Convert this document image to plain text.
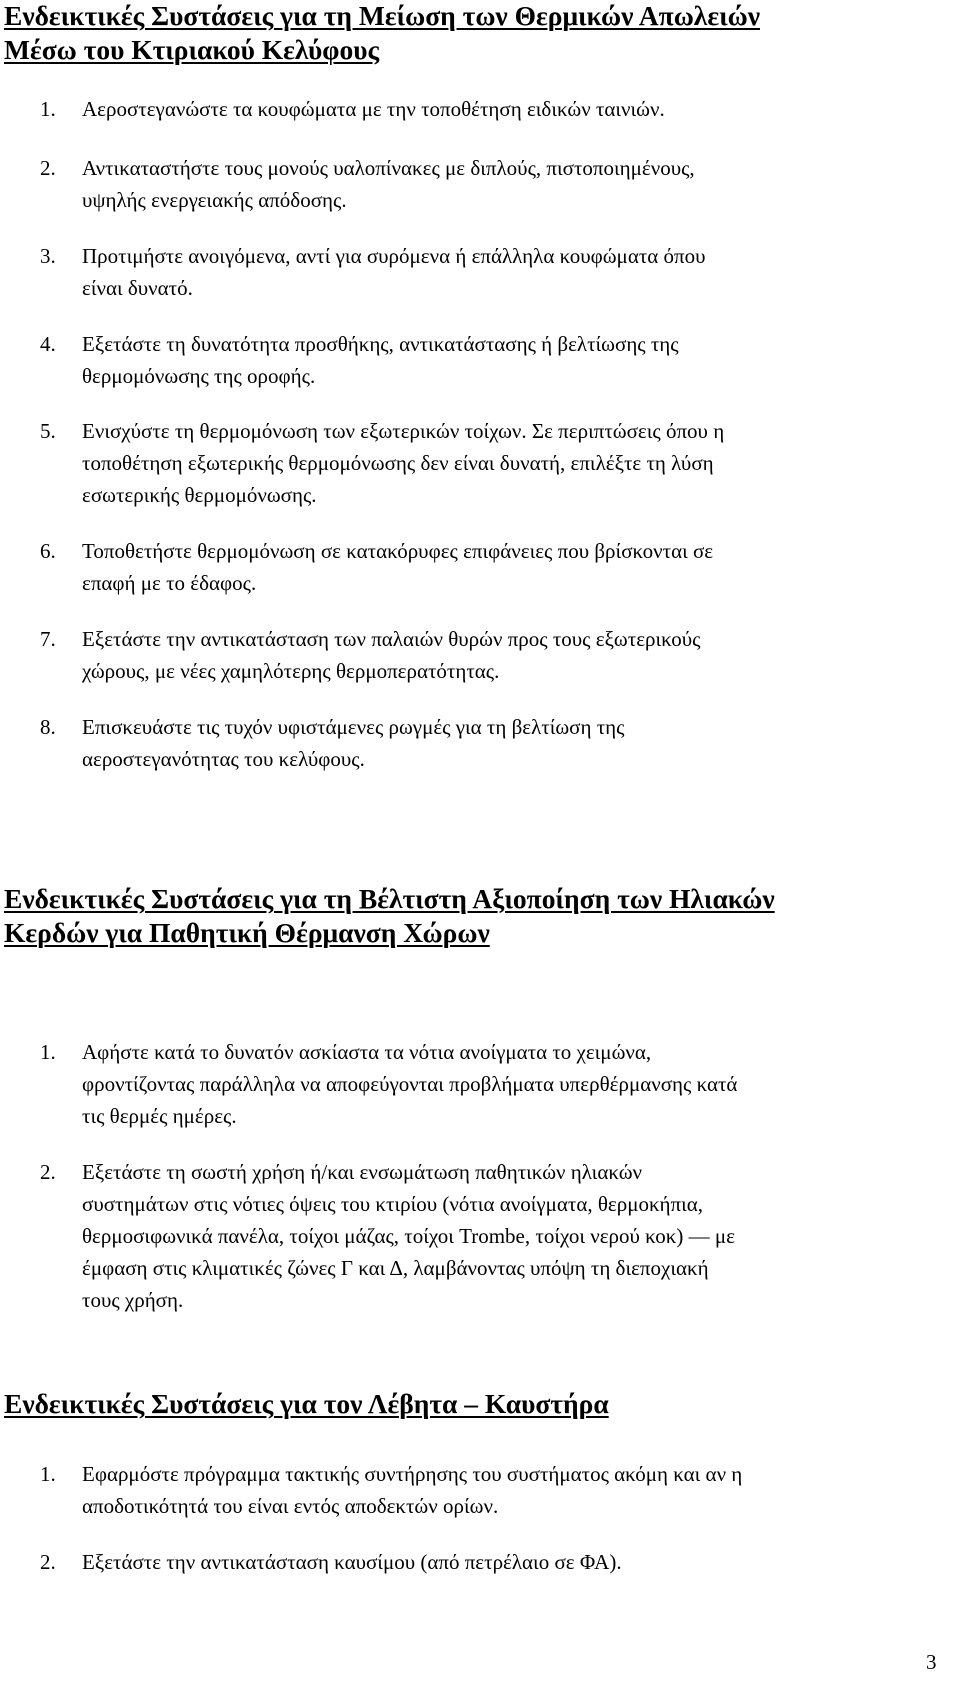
Ενδεικτικές Συστάσεις για τη Μείωση των Θερμικών Απωλειών
Μέσω του Κτιριακού Κελύφους
1. Αεροστεγανώστε τα κουφώματα με την τοποθέτηση ειδικών ταινιών.
2. Αντικαταστήστε τους μονούς υαλοπίνακες με διπλούς, πιστοποιημένους,
υψηλής ενεργειακής απόδοσης.
3. Προτιμήστε ανοιγόμενα, αντί για συρόμενα ή επάλληλα κουφώματα όπου
είναι δυνατό.
4. Εξετάστε τη δυνατότητα προσθήκης, αντικατάστασης ή βελτίωσης της
θερμομόνωσης της οροφής.
5. Ενισχύστε τη θερμομόνωση των εξωτερικών τοίχων. Σε περιπτώσεις όπου η
τοποθέτηση εξωτερικής θερμομόνωσης δεν είναι δυνατή, επιλέξτε τη λύση
εσωτερικής θερμομόνωσης.
6. Τοποθετήστε θερμομόνωση σε κατακόρυφες επιφάνειες που βρίσκονται σε
επαφή με το έδαφος.
7. Εξετάστε την αντικατάσταση των παλαιών θυρών προς τους εξωτερικούς
χώρους, με νέες χαμηλότερης θερμοπερατότητας.
8. Επισκευάστε τις τυχόν υφιστάμενες ρωγμές για τη βελτίωση της
αεροστεγανότητας του κελύφους.
Ενδεικτικές Συστάσεις για τη Βέλτιστη Αξιοποίηση των Ηλιακών
Κερδών για Παθητική Θέρμανση Χώρων
1. Αφήστε κατά το δυνατόν ασκίαστα τα νότια ανοίγματα το χειμώνα,
φροντίζοντας παράλληλα να αποφεύγονται προβλήματα υπερθέρμανσης κατά
τις θερμές ημέρες.
2. Εξετάστε τη σωστή χρήση ή/και ενσωμάτωση παθητικών ηλιακών
συστημάτων στις νότιες όψεις του κτιρίου (νότια ανοίγματα, θερμοκήπια,
θερμοσιφωνικά πανέλα, τοίχοι μάζας, τοίχοι Trombe, τοίχοι νερού κοκ) — με
έμφαση στις κλιματικές ζώνες Γ και Δ, λαμβάνοντας υπόψη τη διεποχιακή
τους χρήση.
Ενδεικτικές Συστάσεις για τον Λέβητα – Καυστήρα
1. Εφαρμόστε πρόγραμμα τακτικής συντήρησης του συστήματος ακόμη και αν η
αποδοτικότητά του είναι εντός αποδεκτών ορίων.
2. Εξετάστε την αντικατάσταση καυσίμου (από πετρέλαιο σε ΦΑ).
3
